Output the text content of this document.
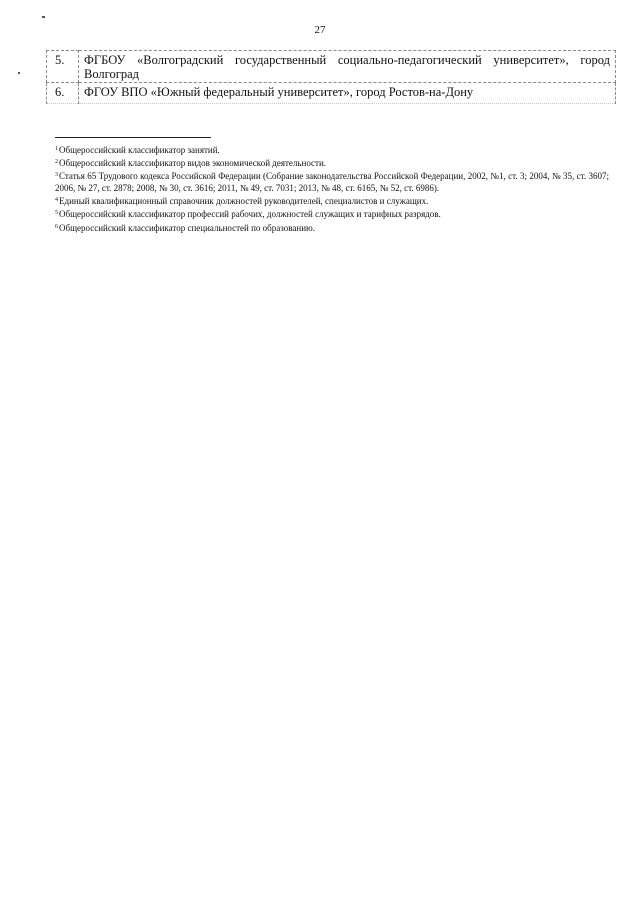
27
5.	ФГБОУ «Волгоградский государственный социально-педагогический университет», город Волгоград
6.	ФГОУ ВПО «Южный федеральный университет», город Ростов-на-Дону
$^1$Общероссийский классификатор занятий.
$^2$Общероссийский классификатор видов экономической деятельности.
$^3$Статья 65 Трудового кодекса Российской Федерации (Собрание законодательства Российской Федерации, 2002, №1, ст. 3; 2004, № 35, ст. 3607; 2006, № 27, ст. 2878; 2008, № 30, ст. 3616; 2011, № 49, ст. 7031; 2013, № 48, ст. 6165, № 52, ст. 6986).
$^4$Единый квалификационный справочник должностей руководителей, специалистов и служащих.
$^5$Общероссийский классификатор профессий рабочих, должностей служащих и тарифных разрядов.
$^6$Общероссийский классификатор специальностей по образованию.
